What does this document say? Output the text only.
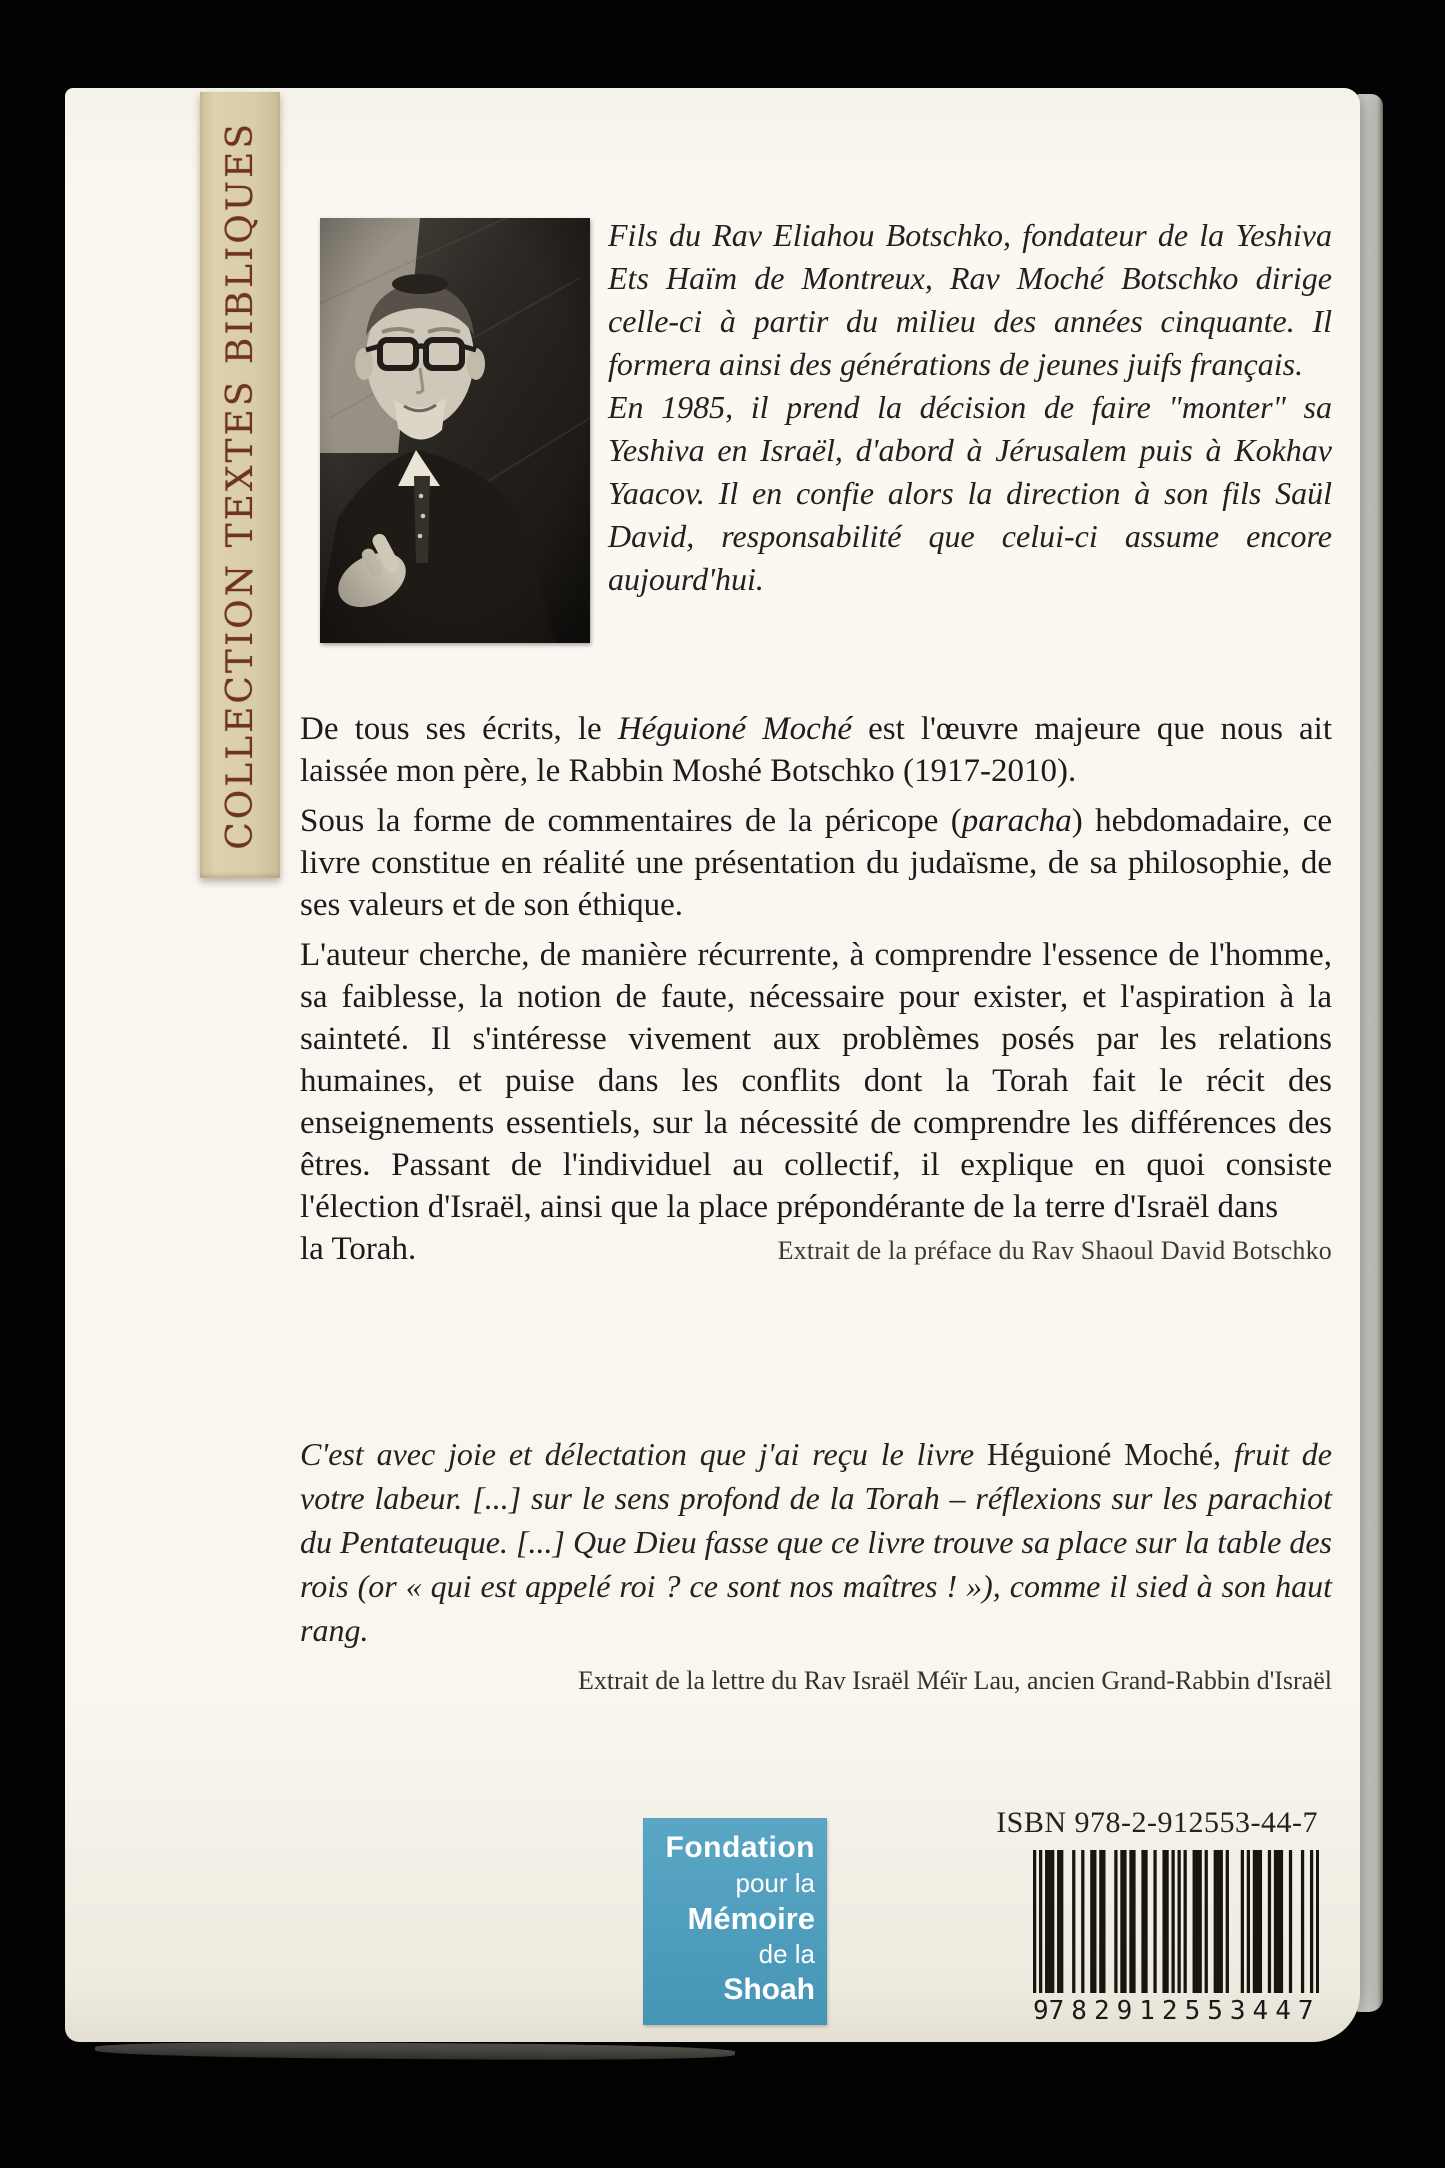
COLLECTION TEXTES BIBLIQUES	Fils du Rav Eliahou Botschko, fondateur de la Yeshiva Ets Haïm de Montreux, Rav Moché Botschko dirige celle-ci à partir du milieu des années cinquante. Il formera ainsi des générations de jeunes juifs français.

En 1985, il prend la décision de faire "monter" sa Yeshiva en Israël, d'abord à Jérusalem puis à Kokhav Yaacov. Il en confie alors la direction à son fils Saül David, responsabilité que celui-ci assume encore aujourd'hui.

De tous ses écrits, le Héguioné Moché est l'œuvre majeure que nous ait laissée mon père, le Rabbin Moshé Botschko (1917-2010).

Sous la forme de commentaires de la péricope (paracha) hebdomadaire, ce livre constitue en réalité une présentation du judaïsme, de sa philosophie, de ses valeurs et de son éthique.

L'auteur cherche, de manière récurrente, à comprendre l'essence de l'homme, sa faiblesse, la notion de faute, nécessaire pour exister, et l'aspiration à la sainteté. Il s'intéresse vivement aux problèmes posés par les relations humaines, et puise dans les conflits dont la Torah fait le récit des enseignements essentiels, sur la nécessité de comprendre les différences des êtres. Passant de l'individuel au collectif, il explique en quoi consiste l'élection d'Israël, ainsi que la place prépondérante de la terre d'Israël dans

la Torah.	Extrait de la préface du Rav Shaoul David Botschko

C'est avec joie et délectation que j'ai reçu le livre Héguioné Moché, fruit de votre labeur. [...] sur le sens profond de la Torah – réflexions sur les parachiot du Pentateuque. [...] Que Dieu fasse que ce livre trouve sa place sur la table des rois (or « qui est appelé roi ? ce sont nos maîtres ! »), comme il sied à son haut rang.

Extrait de la lettre du Rav Israël Méïr Lau, ancien Grand-Rabbin d'Israël
Fondation
pour la
Mémoire
de la
Shoah
ISBN 978-2-912553-44-7
9 782912 553447
